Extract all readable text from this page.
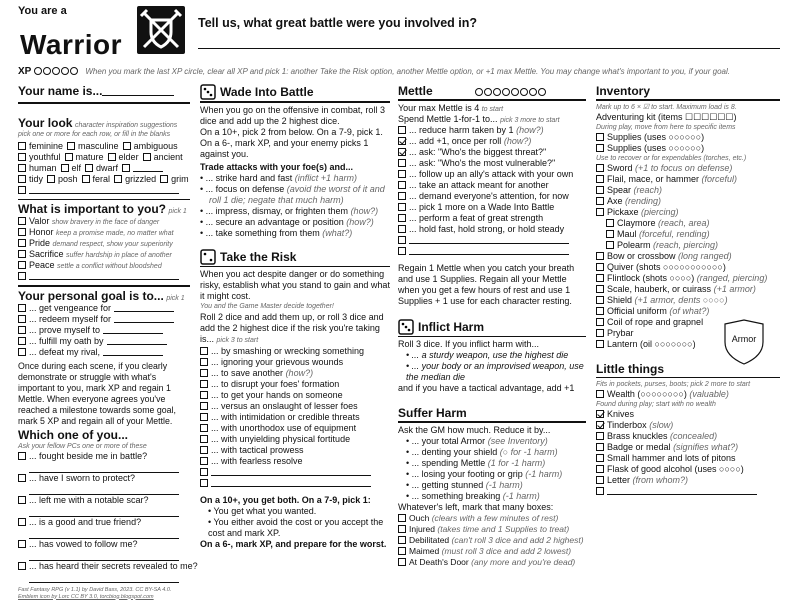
You are a
Warrior
Tell us, what great battle were you involved in?
XP	When you mark the last XP circle, clear all XP and pick 1: another Take the Risk option, another Mettle option, or +1 max Mettle. You may change what's important to you, if your goal.
Your name is...
Your look character inspiration suggestions
pick one or more for each row, or fill in the blanks
feminine masculine ambiguous
youthful mature elder ancient
human elf dwarf
tidy posh feral grizzled grim
What is important to you? pick 1
Valor show bravery in the face of danger
Honor keep a promise made, no matter what
Pride demand respect, show your superiority
Sacrifice suffer hardship in place of another
Peace settle a conflict without bloodshed
Your personal goal is to... pick 1
... get vengeance for
... redeem myself for
... prove myself to
... fulfill my oath by
... defeat my rival,
Once during each scene, if you clearly demonstrate or struggle with what's important to you, mark XP and regain 1 Mettle. When everyone agrees you've reached a milestone towards some goal, mark 5 XP and regain all of your Mettle.
Which one of you...
Ask your fellow PCs one or more of these
... fought beside me in battle?
... have I sworn to protect?
... left me with a notable scar?
... is a good and true friend?
... has vowed to follow me?
... has heard their secrets revealed to me?
Fast Fantasy RPG (v 1.1) by David Bass, 2023. CC BY-SA 4.0.
Emblem icon by Lorc CC BY 3.0, torcbiog.blogspot.com
Wade Into Battle
When you go on the offensive in combat, roll 3 dice and add up the 2 highest dice.
On a 10+, pick 2 from below. On a 7-9, pick 1. On a 6-, mark XP, and your enemy picks 1 against you.
Trade attacks with your foe(s) and...
• ... strike hard and fast (inflict +1 harm)
• ... focus on defense (avoid the worst of it and roll 1 die; negate that much harm)
• ... impress, dismay, or frighten them (how?)
• ... secure an advantage or position (how?)
• ... take something from them (what?)
Take the Risk
When you act despite danger or do something risky, establish what you stand to gain and what it might cost.
You and the Game Master decide together!
Roll 2 dice and add them up, or roll 3 dice and add the 2 highest dice if the risk you're taking is... pick 3 to start
... by smashing or wrecking something
... ignoring your grievous wounds
... to save another (how?)
... to disrupt your foes' formation
... to get your hands on someone
... versus an onslaught of lesser foes
... with intimidation or credible threats
... with unorthodox use of equipment
... with unyielding physical fortitude
... with tactical prowess
... with fearless resolve
On a 10+, you get both. On a 7-9, pick 1:
• You get what you wanted.
• You either avoid the cost or you accept the cost and mark XP.
On a 6-, mark XP, and prepare for the worst.
Mettle
Your max Mettle is 4 to start
Spend Mettle 1-for-1 to... pick 3 more to start
... reduce harm taken by 1 (how?)
... add +1, once per roll (how?)
... ask: "Who's the biggest threat?"
... ask: "Who's the most vulnerable?"
... follow up an ally's attack with your own
... take an attack meant for another
... demand everyone's attention, for now
... pick 1 more on a Wade Into Battle
... perform a feat of great strength
... hold fast, hold strong, or hold steady
Regain 1 Mettle when you catch your breath and use 1 Supplies. Regain all your Mettle when you get a few hours of rest and use 1 Supplies + 1 use for each character resting.
Inflict Harm
Roll 3 dice. If you inflict harm with...
• ... a sturdy weapon, use the highest die
• ... your body or an improvised weapon, use the median die
and if you have a tactical advantage, add +1
Suffer Harm
Ask the GM how much. Reduce it by...
• ... your total Armor (see Inventory)
• ... denting your shield (○ for -1 harm)
• ... spending Mettle (1 for -1 harm)
• ... losing your footing or grip (-1 harm)
• ... getting stunned (-1 harm)
• ... something breaking (-1 harm)
Whatever's left, mark that many boxes:
Ouch (clears with a few minutes of rest)
Injured (takes time and 1 Supplies to treat)
Debilitated (can't roll 3 dice and add 2 highest)
Maimed (must roll 3 dice and add 2 lowest)
At Death's Door (any more and you're dead)
Inventory
Mark up to 6 × ☑ to start. Maximum load is 8.
Adventuring kit (items ☐☐☐☐☐☐)
During play, move from here to specific items
Supplies (uses ○○○○○○)
Supplies (uses ○○○○○○)
Use to recover or for expendables (torches, etc.)
Sword (+1 to focus on defense)
Flail, mace, or hammer (forceful)
Spear (reach)
Axe (rending)
Pickaxe (piercing)
Claymore (reach, area)
Maul (forceful, rending)
Polearm (reach, piercing)
Bow or crossbow (long ranged)
Quiver (shots ○○○○○○○○○○○)
Flintlock (shots ○○○○) (ranged, piercing)
Scale, hauberk, or cuirass (+1 armor)
Shield (+1 armor, dents ○○○○)
Official uniform (of what?)
Coil of rope and grapnel
Prybar
Lantern (oil ○○○○○○○)
Little things
Fits in pockets, purses, boots; pick 2 more to start
Wealth (○○○○○○○○) (valuable)
Found during play; start with no wealth
Knives
Tinderbox (slow)
Brass knuckles (concealed)
Badge or medal (signifies what?)
Small hammer and lots of pitons
Flask of good alcohol (uses ○○○○)
Letter (from whom?)
Armor
